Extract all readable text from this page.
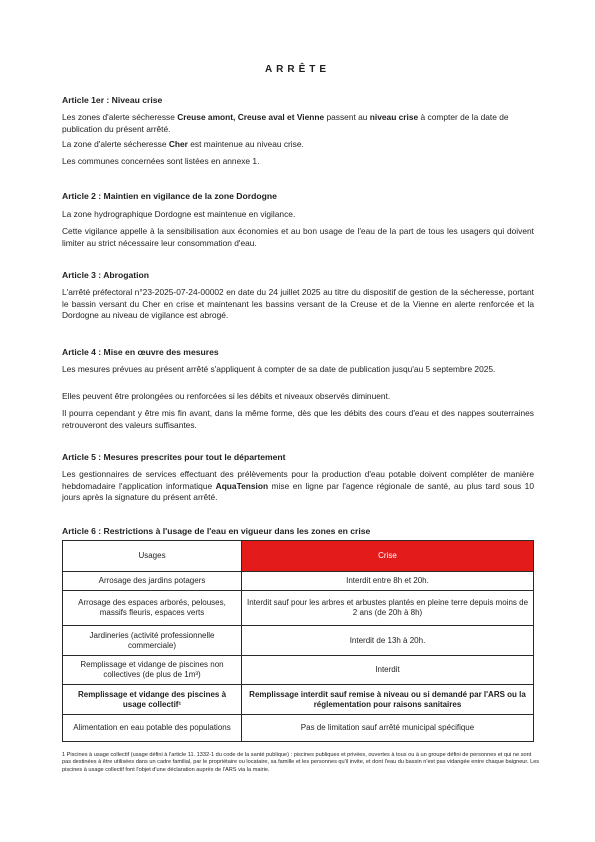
ARRÊTE
Article 1er : Niveau crise
Les zones d'alerte sécheresse Creuse amont, Creuse aval et Vienne passent au niveau crise à compter de la date de publication du présent arrêté.
La zone d'alerte sécheresse Cher est maintenue au niveau crise.
Les communes concernées sont listées en annexe 1.
Article 2 : Maintien en vigilance de la zone Dordogne
La zone hydrographique Dordogne est maintenue en vigilance.
Cette vigilance appelle à la sensibilisation aux économies et au bon usage de l'eau de la part de tous les usagers qui doivent limiter au strict nécessaire leur consommation d'eau.
Article 3 : Abrogation
L'arrêté préfectoral n°23-2025-07-24-00002 en date du 24 juillet 2025 au titre du dispositif de gestion de la sécheresse, portant le bassin versant du Cher en crise et maintenant les bassins versant de la Creuse et de la Vienne en alerte renforcée et la Dordogne au niveau de vigilance est abrogé.
Article 4 : Mise en œuvre des mesures
Les mesures prévues au présent arrêté s'appliquent à compter de sa date de publication jusqu'au 5 septembre 2025.
Elles peuvent être prolongées ou renforcées si les débits et niveaux observés diminuent.
Il pourra cependant y être mis fin avant, dans la même forme, dès que les débits des cours d'eau et des nappes souterraines retrouveront des valeurs suffisantes.
Article 5 : Mesures prescrites pour tout le département
Les gestionnaires de services effectuant des prélèvements pour la production d'eau potable doivent compléter de manière hebdomadaire l'application informatique AquaTension mise en ligne par l'agence régionale de santé, au plus tard sous 10 jours après la signature du présent arrêté.
Article 6 : Restrictions à l'usage de l'eau en vigueur dans les zones en crise
Usages	Crise
Arrosage des jardins potagers	Interdit entre 8h et 20h.
Arrosage des espaces arborés, pelouses, massifs fleuris, espaces verts	Interdit sauf pour les arbres et arbustes plantés en pleine terre depuis moins de 2 ans (de 20h à 8h)
Jardineries (activité professionnelle commerciale)	Interdit de 13h à 20h.
Remplissage et vidange de piscines non collectives (de plus de 1m³)	Interdit
Remplissage et vidange des piscines à usage collectif¹	Remplissage interdit sauf remise à niveau ou si demandé par l'ARS ou la réglementation pour raisons sanitaires
Alimentation en eau potable des populations	Pas de limitation sauf arrêté municipal spécifique
1 Piscines à usage collectif (usage défini à l'article 11. 1332-1 du code de la santé publique) : piscines publiques et privées, ouvertes à tous ou à un groupe défini de personnes et qui ne sont pas destinées à être utilisées dans un cadre familial, par le propriétaire ou locataire, sa famille et les personnes qu'il invite, et dont l'eau du bassin n'est pas vidangée entre chaque baigneur. Les piscines à usage collectif font l'objet d'une déclaration auprès de l'ARS via la mairie.
